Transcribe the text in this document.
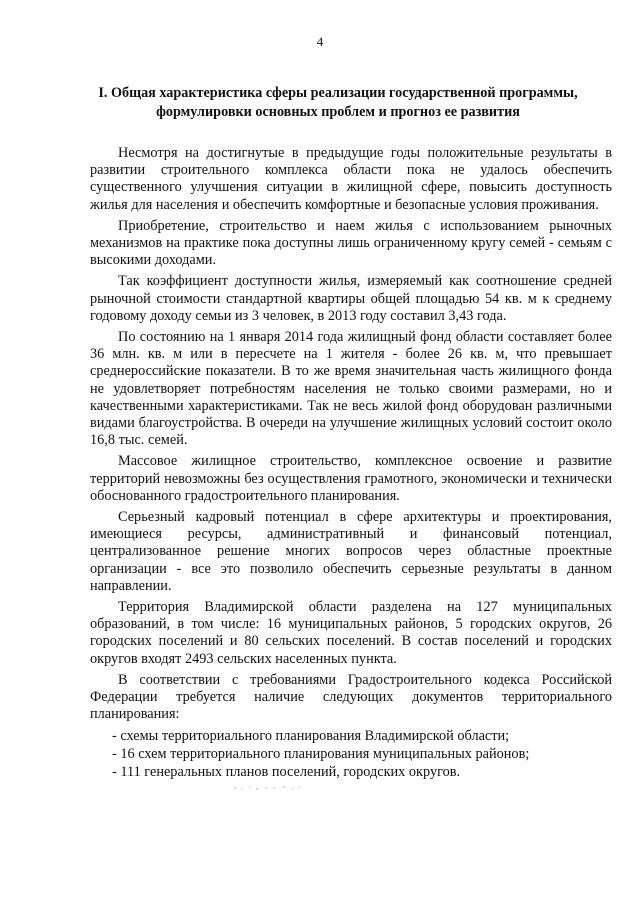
4
I. Общая характеристика сферы реализации государственной программы,
формулировки основных проблем и прогноз ее развития

Несмотря на достигнутые в предыдущие годы положительные результаты в развитии строительного комплекса области пока не удалось обеспечить существенного улучшения ситуации в жилищной сфере, повысить доступность жилья для населения и обеспечить комфортные и безопасные условия проживания.

Приобретение, строительство и наем жилья с использованием рыночных механизмов на практике пока доступны лишь ограниченному кругу семей - семьям с высокими доходами.

Так коэффициент доступности жилья, измеряемый как соотношение средней рыночной стоимости стандартной квартиры общей площадью 54 кв. м к среднему годовому доходу семьи из 3 человек, в 2013 году составил 3,43 года.

По состоянию на 1 января 2014 года жилищный фонд области составляет более 36 млн. кв. м или в пересчете на 1 жителя - более 26 кв. м, что превышает среднероссийские показатели. В то же время значительная часть жилищного фонда не удовлетворяет потребностям населения не только своими размерами, но и качественными характеристиками. Так не весь жилой фонд оборудован различными видами благоустройства. В очереди на улучшение жилищных условий состоит около 16,8 тыс. семей.

Массовое жилищное строительство, комплексное освоение и развитие территорий невозможны без осуществления грамотного, экономически и технически обоснованного градостроительного планирования.

Серьезный кадровый потенциал в сфере архитектуры и проектирования, имеющиеся ресурсы, административный и финансовый потенциал, централизованное решение многих вопросов через областные проектные организации - все это позволило обеспечить серьезные результаты в данном направлении.

Территория Владимирской области разделена на 127 муниципальных образований, в том числе: 16 муниципальных районов, 5 городских округов, 26 городских поселений и 80 сельских поселений. В состав поселений и городских округов входят 2493 сельских населенных пункта.

В соответствии с требованиями Градостроительного кодекса Российской Федерации требуется наличие следующих документов территориального планирования:

- схемы территориального планирования Владимирской области;
- 16 схем территориального планирования муниципальных районов;
- 111 генеральных планов поселений, городских округов.
